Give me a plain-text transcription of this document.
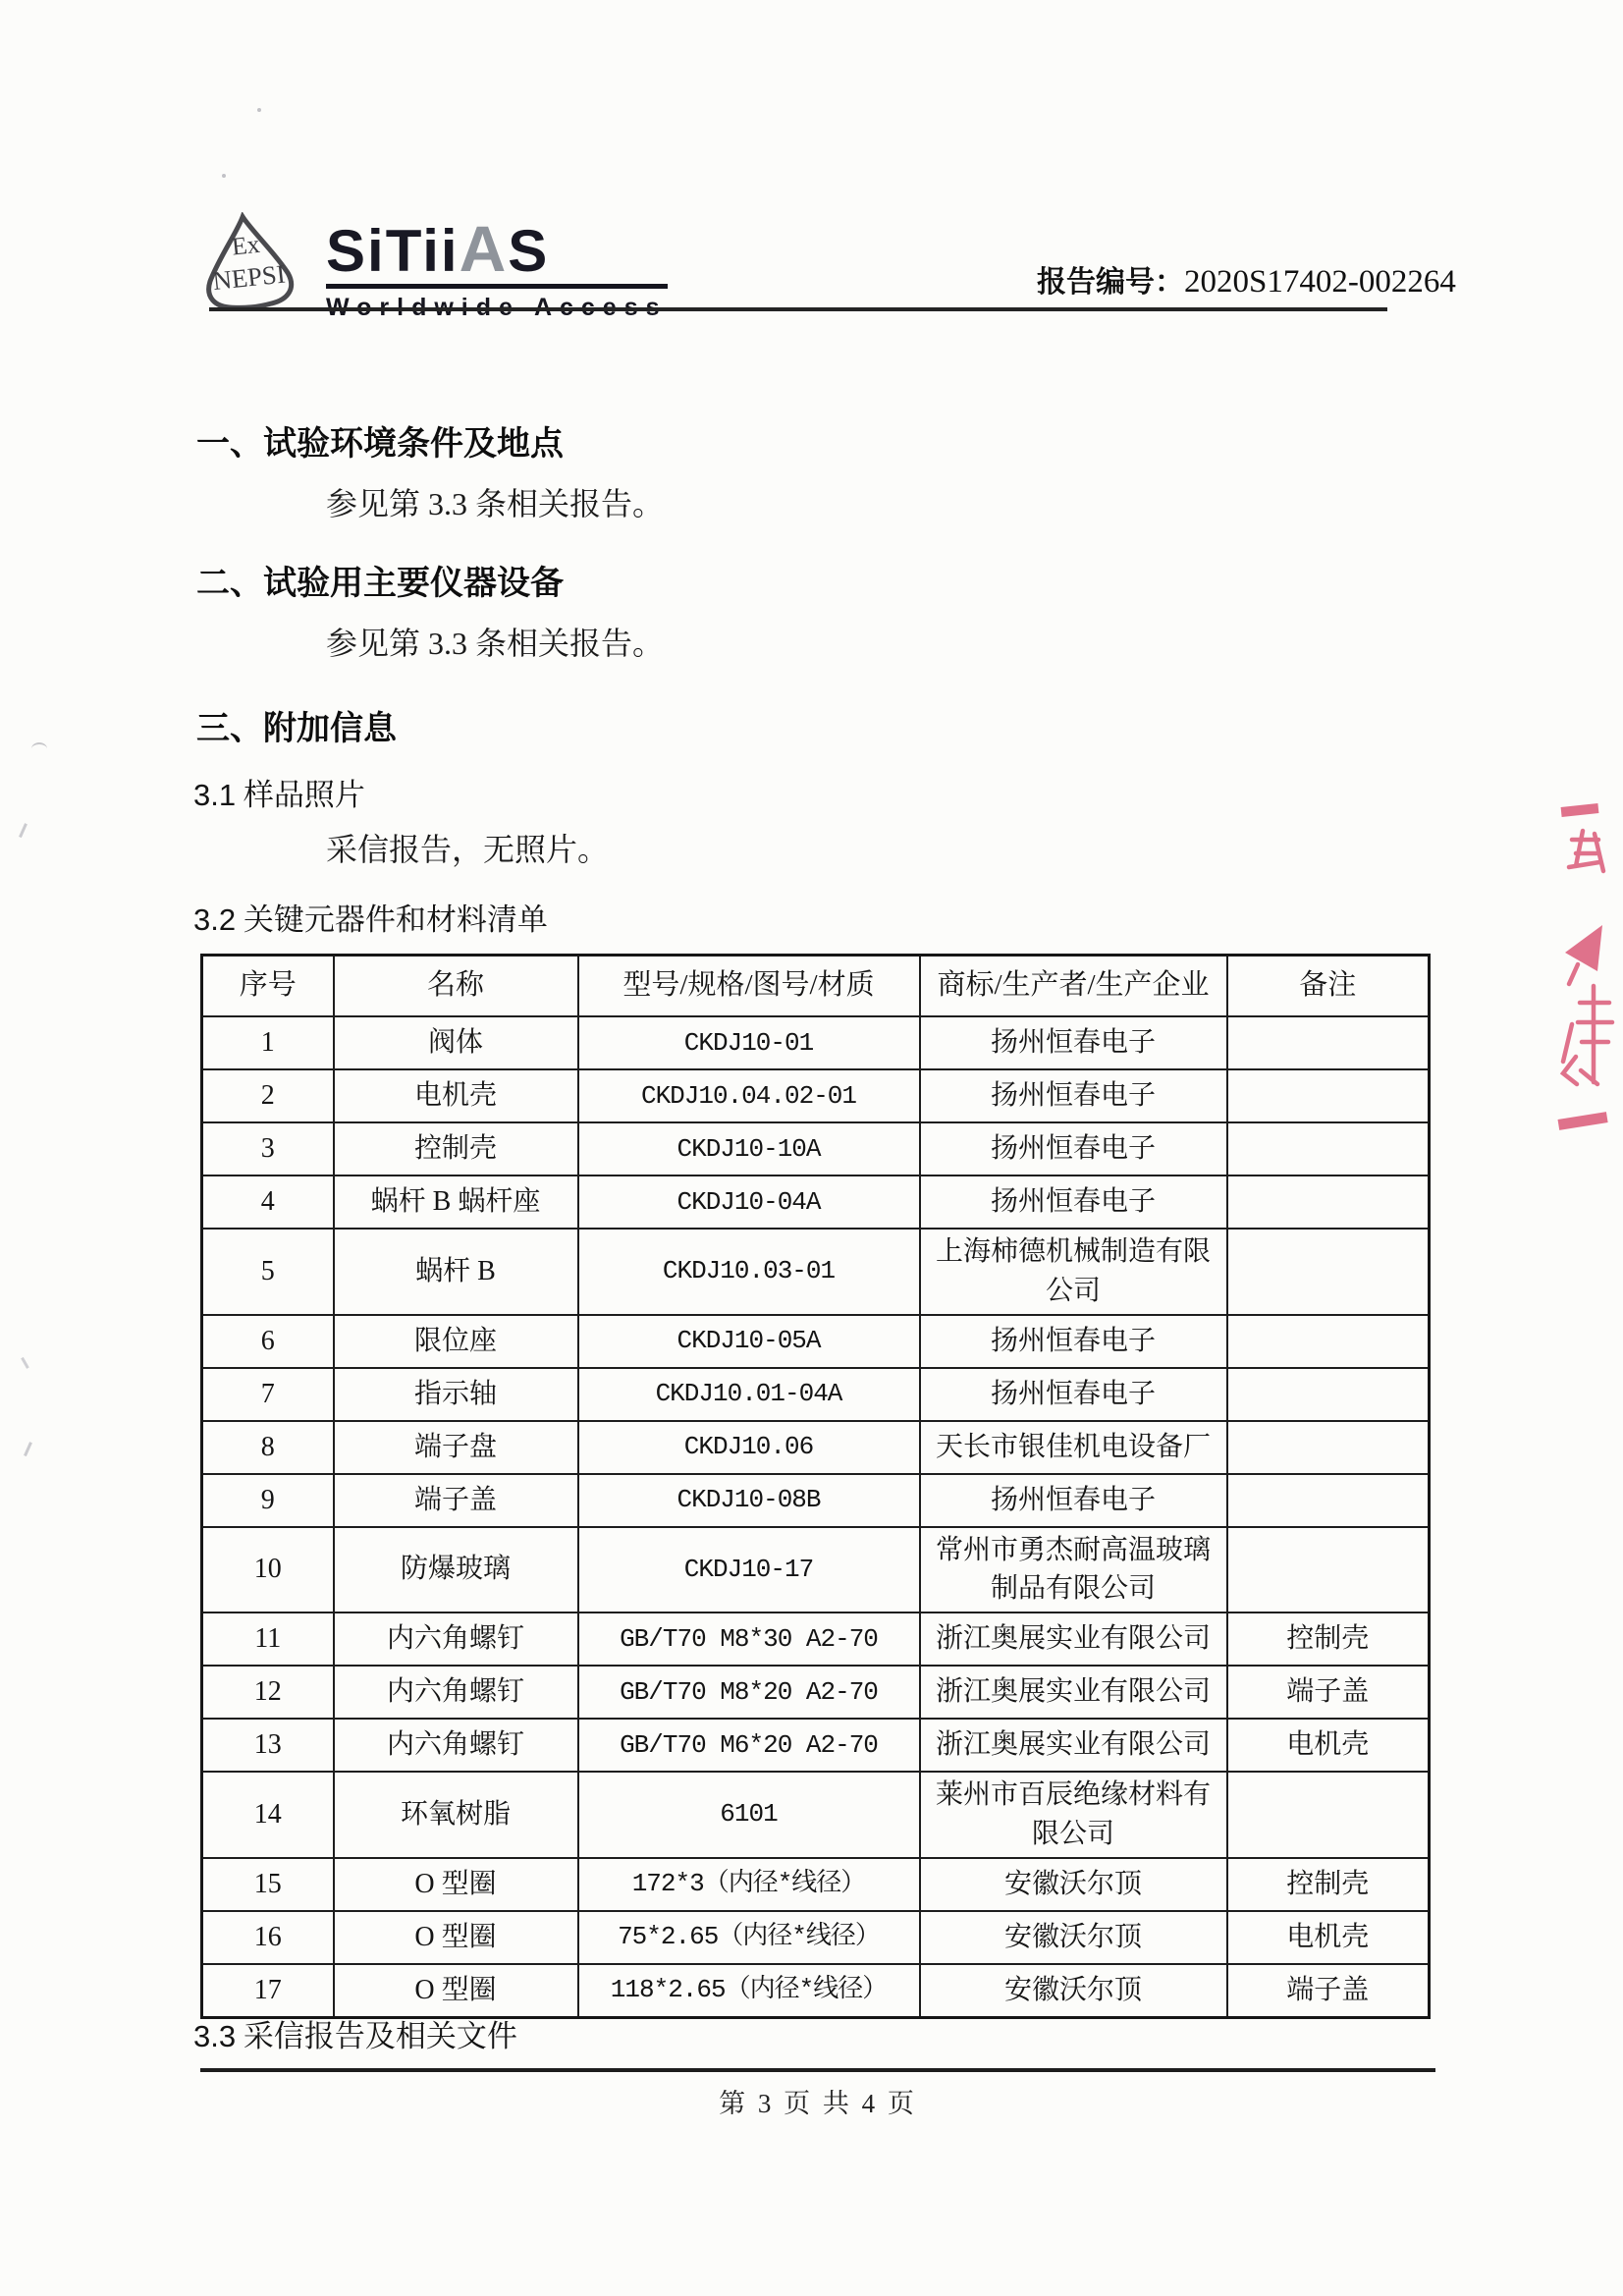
Ex
NEPSI SiTiiAS	报告编号：2020S17402-002264
一、试验环境条件及地点
参见第 3.3 条相关报告。
二、试验用主要仪器设备
参见第 3.3 条相关报告。
三、附加信息
3.1 样品照片
采信报告，无照片。
3.2 关键元器件和材料清单
序号	名称	型号/规格/图号/材质	商标/生产者/生产企业	备注
1	阀体	CKDJ10-01	扬州恒春电子	
2	电机壳	CKDJ10.04.02-01	扬州恒春电子	
3	控制壳	CKDJ10-10A	扬州恒春电子	
4	蜗杆 B 蜗杆座	CKDJ10-04A	扬州恒春电子	
5	蜗杆 B	CKDJ10.03-01	上海柿德机械制造有限公司	
6	限位座	CKDJ10-05A	扬州恒春电子	
7	指示轴	CKDJ10.01-04A	扬州恒春电子	
8	端子盘	CKDJ10.06	天长市银佳机电设备厂	
9	端子盖	CKDJ10-08B	扬州恒春电子	
10	防爆玻璃	CKDJ10-17	常州市勇杰耐高温玻璃制品有限公司	
11	内六角螺钉	GB/T70 M8*30 A2-70	浙江奥展实业有限公司	控制壳
12	内六角螺钉	GB/T70 M8*20 A2-70	浙江奥展实业有限公司	端子盖
13	内六角螺钉	GB/T70 M6*20 A2-70	浙江奥展实业有限公司	电机壳
14	环氧树脂	6101	莱州市百辰绝缘材料有限公司	
15	O 型圈	172*3（内径*线径）	安徽沃尔顶	控制壳
16	O 型圈	75*2.65（内径*线径）	安徽沃尔顶	电机壳
17	O 型圈	118*2.65（内径*线径）	安徽沃尔顶	端子盖
3.3 采信报告及相关文件
第 3 页 共 4 页
